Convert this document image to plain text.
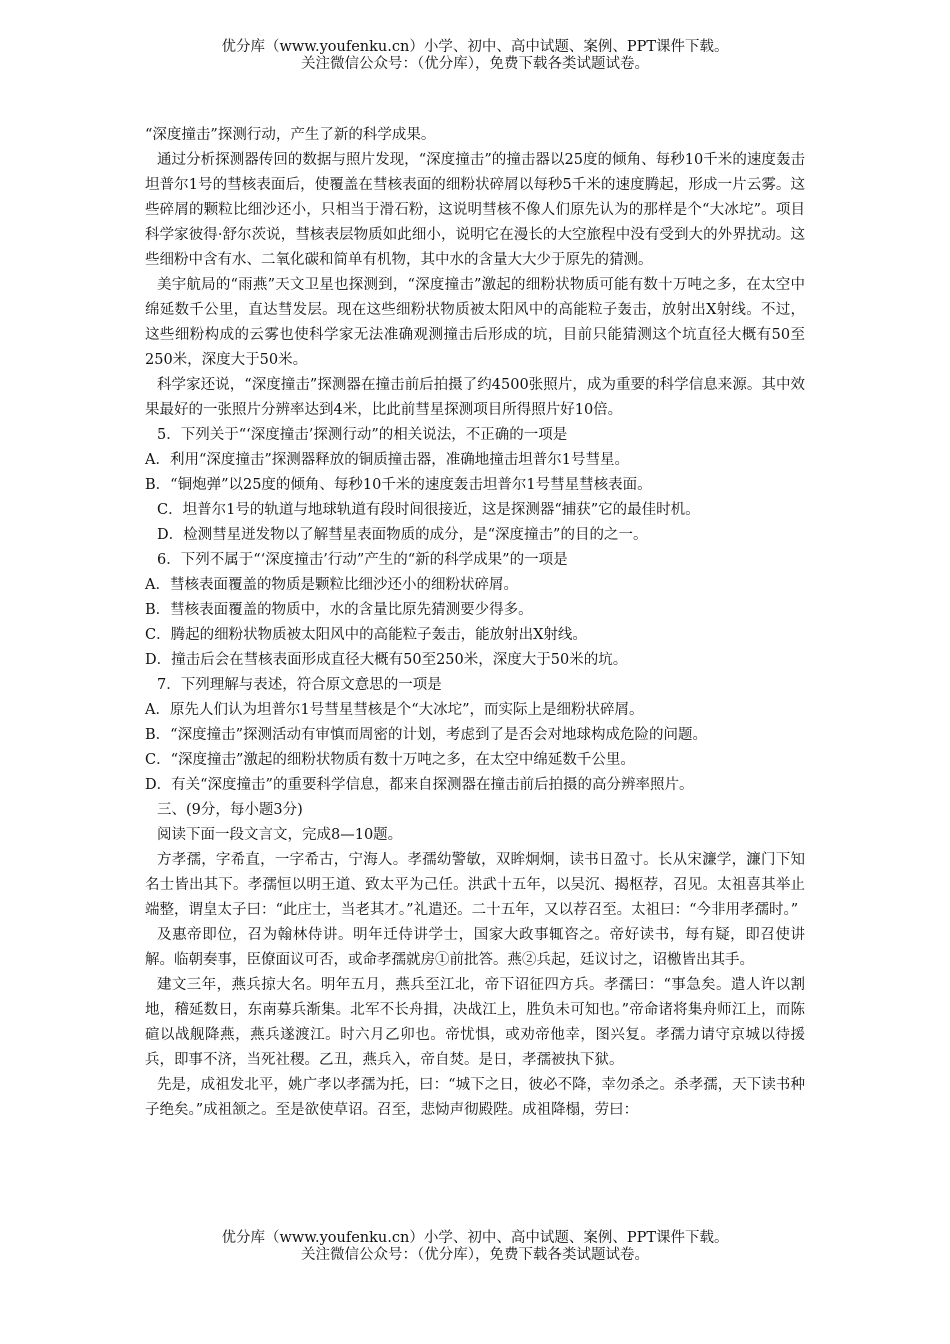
优分库（www.youfenku.cn）小学、初中、高中试题、案例、PPT课件下载。
关注微信公众号：（优分库），免费下载各类试题试卷。

“深度撞击”探测行动，产生了新的科学成果。

通过分析探测器传回的数据与照片发现，“深度撞击”的撞击器以25度的倾角、每秒10千米的速度轰击坦普尔1号的彗核表面后，使覆盖在彗核表面的细粉状碎屑以每秒5千米的速度腾起，形成一片云雾。这些碎屑的颗粒比细沙还小，只相当于滑石粉，这说明彗核不像人们原先认为的那样是个“大冰坨”。项目科学家彼得·舒尔茨说，彗核表层物质如此细小，说明它在漫长的大空旅程中没有受到大的外界扰动。这些细粉中含有水、二氧化碳和简单有机物，其中水的含量大大少于原先的猜测。

美宇航局的“雨燕”天文卫星也探测到，“深度撞击”激起的细粉状物质可能有数十万吨之多，在太空中绵延数千公里，直达彗发层。现在这些细粉状物质被太阳风中的高能粒子轰击，放射出X射线。不过，这些细粉构成的云雾也使科学家无法准确观测撞击后形成的坑，目前只能猜测这个坑直径大概有50至250米，深度大于50米。

科学家还说，“深度撞击”探测器在撞击前后拍摄了约4500张照片，成为重要的科学信息来源。其中效果最好的一张照片分辨率达到4米，比此前彗星探测项目所得照片好10倍。

5．下列关于“‘深度撞击’探测行动”的相关说法，不正确的一项是

A．利用“深度撞击”探测器释放的铜质撞击器，准确地撞击坦普尔1号彗星。

B．“铜炮弹”以25度的倾角、每秒10千米的速度轰击坦普尔1号彗星彗核表面。

C．坦普尔1号的轨道与地球轨道有段时间很接近，这是探测器“捕获”它的最佳时机。

D．检测彗星迸发物以了解彗星表面物质的成分，是“深度撞击”的目的之一。

6．下列不属于“‘深度撞击’行动”产生的“新的科学成果”的一项是

A．彗核表面覆盖的物质是颗粒比细沙还小的细粉状碎屑。

B．彗核表面覆盖的物质中，水的含量比原先猜测要少得多。

C．腾起的细粉状物质被太阳风中的高能粒子轰击，能放射出X射线。

D．撞击后会在彗核表面形成直径大概有50至250米，深度大于50米的坑。

7．下列理解与表述，符合原文意思的一项是

A．原先人们认为坦普尔1号彗星彗核是个“大冰坨”，而实际上是细粉状碎屑。

B．“深度撞击”探测活动有审慎而周密的计划，考虑到了是否会对地球构成危险的问题。

C．“深度撞击”激起的细粉状物质有数十万吨之多，在太空中绵延数千公里。

D．有关“深度撞击”的重要科学信息，都来自探测器在撞击前后拍摄的高分辨率照片。

三、(9分，每小题3分)

阅读下面一段文言文，完成8—10题。

方孝孺，字希直，一字希古，宁海人。孝孺幼警敏，双眸炯炯，读书日盈寸。长从宋濂学，濂门下知名士皆出其下。孝孺恒以明王道、致太平为己任。洪武十五年，以吴沉、揭枢荐，召见。太祖喜其举止端整，谓皇太子曰：“此庄士，当老其才。”礼遣还。二十五年，又以荐召至。太祖曰：“今非用孝孺时。”

及惠帝即位，召为翰林侍讲。明年迁侍讲学士，国家大政事辄咨之。帝好读书，每有疑，即召使讲解。临朝奏事，臣僚面议可否，或命孝孺就房①前批答。燕②兵起，廷议讨之，诏檄皆出其手。

建文三年，燕兵掠大名。明年五月，燕兵至江北，帝下诏征四方兵。孝孺曰：“事急矣。遣人许以割地，稽延数日，东南募兵渐集。北军不长舟揖，决战江上，胜负未可知也。”帝命诸将集舟师江上，而陈碹以战舰降燕，燕兵遂渡江。时六月乙卯也。帝忧惧，或劝帝他幸，图兴复。孝孺力请守京城以待援兵，即事不济，当死社稷。乙丑，燕兵入，帝自焚。是日，孝孺被执下狱。

先是，成祖发北平，姚广孝以孝孺为托，曰：“城下之日，彼必不降，幸勿杀之。杀孝孺，天下读书种子绝矣。”成祖颔之。至是欲使草诏。召至，悲恸声彻殿陛。成祖降榻，劳曰：

优分库（www.youfenku.cn）小学、初中、高中试题、案例、PPT课件下载。
关注微信公众号：（优分库），免费下载各类试题试卷。
